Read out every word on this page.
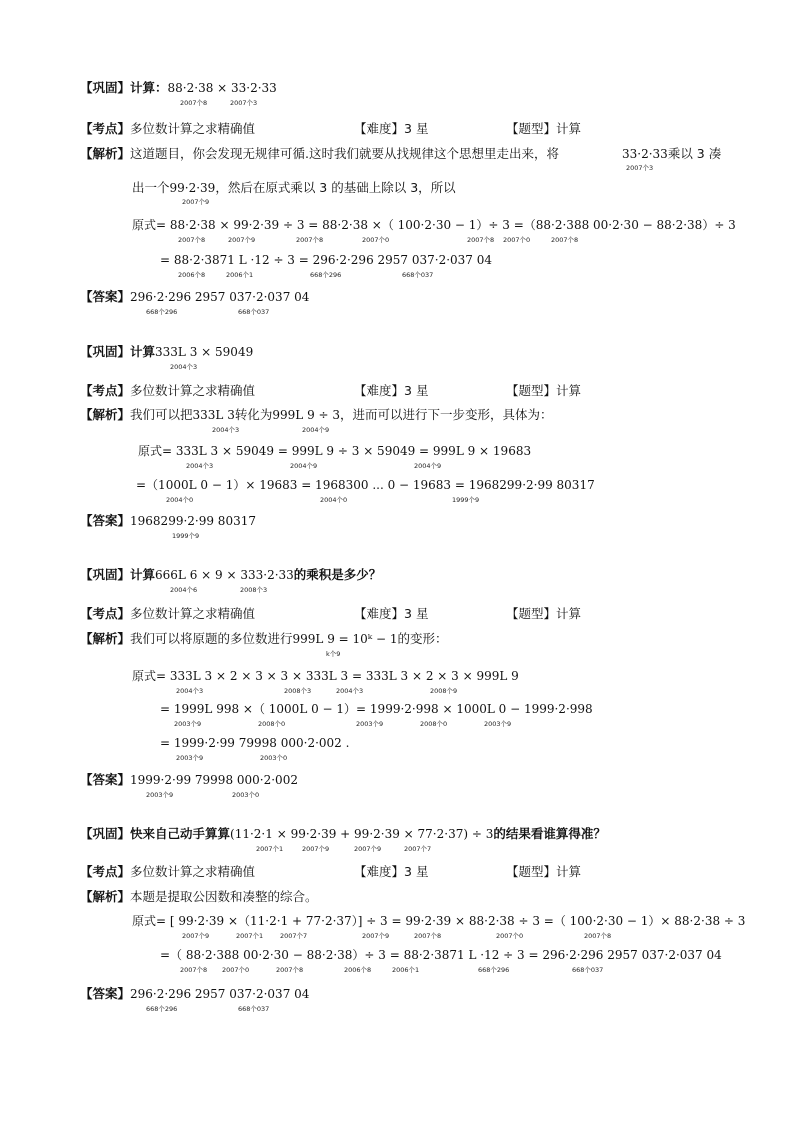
【巩固】计算：88·2·38 × 33·2·33
2007个8	2007个3
【考点】多位数计算之求精确值	【难度】3 星	【题型】计算
【解析】这道题目，你会发现无规律可循.这时我们就要从找规律这个思想里走出来，将	33·2·33乘以 3 凑
2007个3
出一个99·2·39，然后在原式乘以 3 的基础上除以 3，所以
2007个9
原式= 88·2·38 × 99·2·39 ÷ 3 = 88·2·38 ×（ 100·2·30 − 1）÷ 3 =（88·2·388 00·2·30 − 88·2·38）÷ 3
2007个8	2007个9	2007个8	2007个0	2007个8 2007个0	2007个8
= 88·2·3871 L ·12 ÷ 3 = 296·2·296 2957 037·2·037 04
2006个8	2006个1	668个296	668个037
【答案】296·2·296 2957 037·2·037 04
668个296	668个037
【巩固】计算333L 3 × 59049
2004个3
【考点】多位数计算之求精确值	【难度】3 星	【题型】计算
【解析】我们可以把333L 3转化为999L 9 ÷ 3，进而可以进行下一步变形，具体为：
2004个3	2004个9
原式= 333L 3 × 59049 = 999L 9 ÷ 3 × 59049 = 999L 9 × 19683
2004个3	2004个9	2004个9
=（1000L 0 − 1）× 19683 = 1968300 ... 0 − 19683 = 1968299·2·99 80317
2004个0	2004个0	1999个9
【答案】1968299·2·99 80317
1999个9
【巩固】计算666L 6 × 9 × 333·2·33的乘积是多少？
2004个6	2008个3
【考点】多位数计算之求精确值	【难度】3 星	【题型】计算
【解析】我们可以将原题的多位数进行999L 9 = 10ᵏ − 1的变形：
k个9
原式= 333L 3 × 2 × 3 × 3 × 333L 3 = 333L 3 × 2 × 3 × 999L 9
2004个3	2008个3	2004个3	2008个9
= 1999L 998 ×（ 1000L 0 − 1）= 1999·2·998 × 1000L 0 − 1999·2·998
2003个9	2008个0	2003个9	2008个0	2003个9
= 1999·2·99 79998 000·2·002 .
2003个9	2003个0
【答案】1999·2·99 79998 000·2·002
2003个9	2003个0
【巩固】快来自己动手算算(11·2·1 × 99·2·39 + 99·2·39 × 77·2·37) ÷ 3的结果看谁算得准？
2007个1	2007个9	2007个9	2007个7
【考点】多位数计算之求精确值	【难度】3 星	【题型】计算
【解析】本题是提取公因数和凑整的综合。
原式= [ 99·2·39 ×（11·2·1 + 77·2·37）] ÷ 3 = 99·2·39 × 88·2·38 ÷ 3 =（ 100·2·30 − 1）× 88·2·38 ÷ 3
2007个9	2007个1	2007个7	2007个9	2007个8	2007个0	2007个8
=（ 88·2·388 00·2·30 − 88·2·38）÷ 3 = 88·2·3871 L ·12 ÷ 3 = 296·2·296 2957 037·2·037 04
2007个8 2007个0	2007个8	2006个8	2006个1	668个296	668个037
【答案】296·2·296 2957 037·2·037 04
668个296	668个037
